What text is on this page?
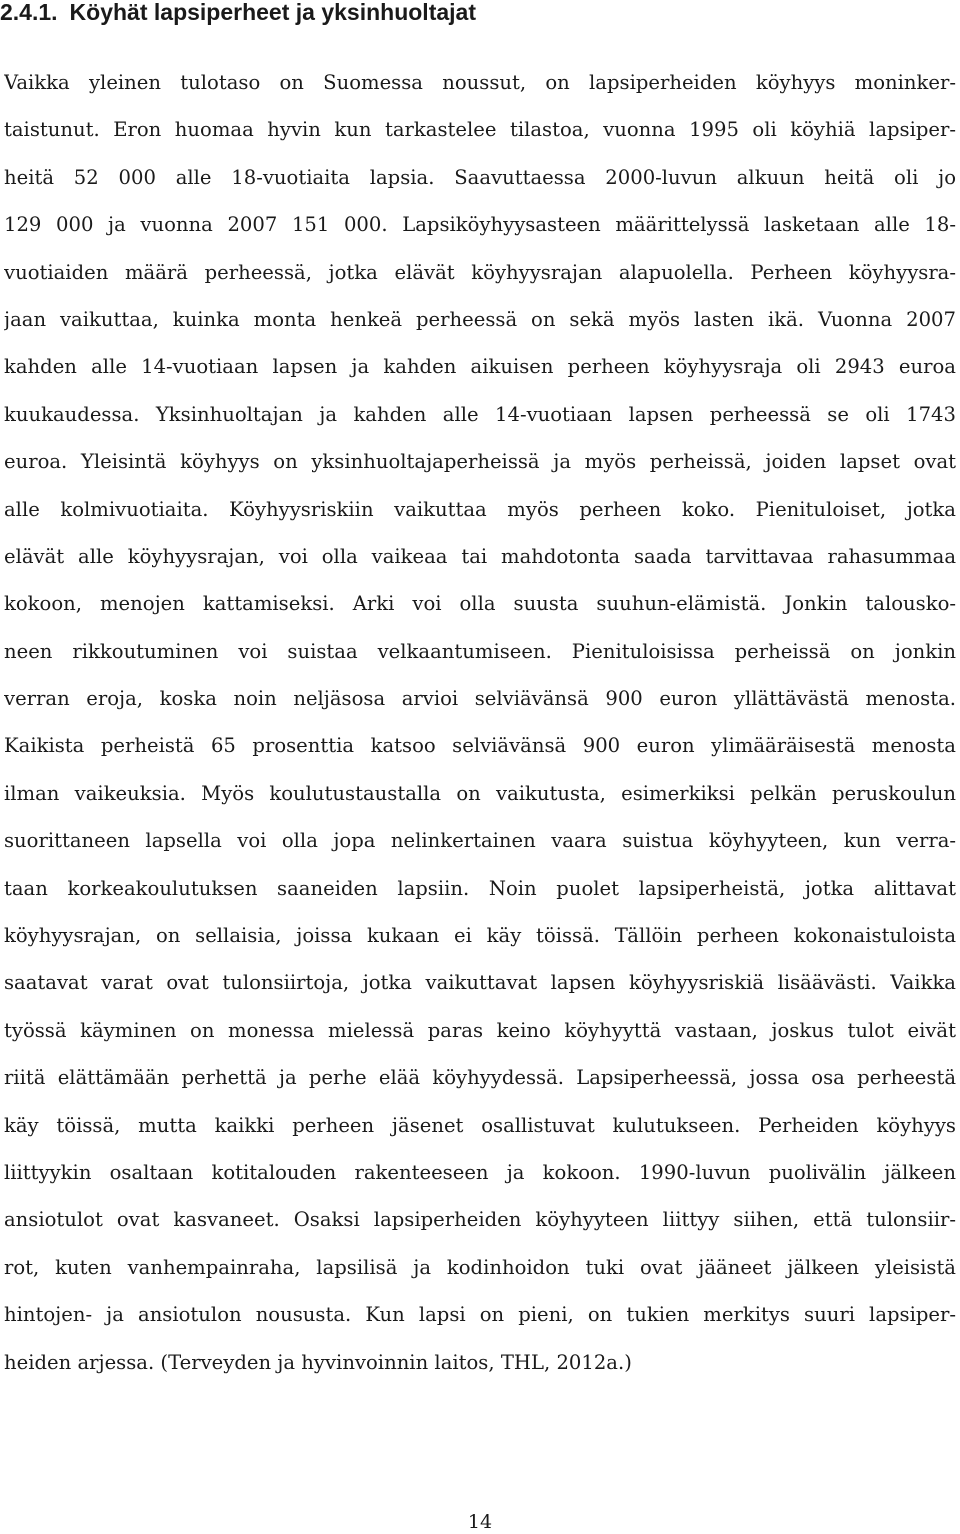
2.4.1. Köyhät lapsiperheet ja yksinhuoltajat
Vaikka yleinen tulotaso on Suomessa noussut, on lapsiperheiden köyhyys moninker-
taistunut. Eron huomaa hyvin kun tarkastelee tilastoa, vuonna 1995 oli köyhiä lapsiper-
heitä 52 000 alle 18-vuotiaita lapsia. Saavuttaessa 2000-luvun alkuun heitä oli jo
129 000 ja vuonna 2007 151 000. Lapsiköyhyysasteen määrittelyssä lasketaan alle 18-
vuotiaiden määrä perheessä, jotka elävät köyhyysrajan alapuolella. Perheen köyhyysra-
jaan vaikuttaa, kuinka monta henkeä perheessä on sekä myös lasten ikä. Vuonna 2007
kahden alle 14-vuotiaan lapsen ja kahden aikuisen perheen köyhyysraja oli 2943 euroa
kuukaudessa. Yksinhuoltajan ja kahden alle 14-vuotiaan lapsen perheessä se oli 1743
euroa. Yleisintä köyhyys on yksinhuoltajaperheissä ja myös perheissä, joiden lapset ovat
alle kolmivuotiaita. Köyhyysriskiin vaikuttaa myös perheen koko. Pienituloiset, jotka
elävät alle köyhyysrajan, voi olla vaikeaa tai mahdotonta saada tarvittavaa rahasummaa
kokoon, menojen kattamiseksi. Arki voi olla suusta suuhun-elämistä. Jonkin talousko-
neen rikkoutuminen voi suistaa velkaantumiseen. Pienituloisissa perheissä on jonkin
verran eroja, koska noin neljäsosa arvioi selviävänsä 900 euron yllättävästä menosta.
Kaikista perheistä 65 prosenttia katsoo selviävänsä 900 euron ylimääräisestä menosta
ilman vaikeuksia. Myös koulutustaustalla on vaikutusta, esimerkiksi pelkän peruskoulun
suorittaneen lapsella voi olla jopa nelinkertainen vaara suistua köyhyyteen, kun verra-
taan korkeakoulutuksen saaneiden lapsiin. Noin puolet lapsiperheistä, jotka alittavat
köyhyysrajan, on sellaisia, joissa kukaan ei käy töissä. Tällöin perheen kokonaistuloista
saatavat varat ovat tulonsiirtoja, jotka vaikuttavat lapsen köyhyysriskiä lisäävästi. Vaikka
työssä käyminen on monessa mielessä paras keino köyhyyttä vastaan, joskus tulot eivät
riitä elättämään perhettä ja perhe elää köyhyydessä. Lapsiperheessä, jossa osa perheestä
käy töissä, mutta kaikki perheen jäsenet osallistuvat kulutukseen. Perheiden köyhyys
liittyykin osaltaan kotitalouden rakenteeseen ja kokoon. 1990-luvun puolivälin jälkeen
ansiotulot ovat kasvaneet. Osaksi lapsiperheiden köyhyyteen liittyy siihen, että tulonsiir-
rot, kuten vanhempainraha, lapsilisä ja kodinhoidon tuki ovat jääneet jälkeen yleisistä
hintojen- ja ansiotulon noususta. Kun lapsi on pieni, on tukien merkitys suuri lapsiper-
heiden arjessa. (Terveyden ja hyvinvoinnin laitos, THL, 2012a.)
14
